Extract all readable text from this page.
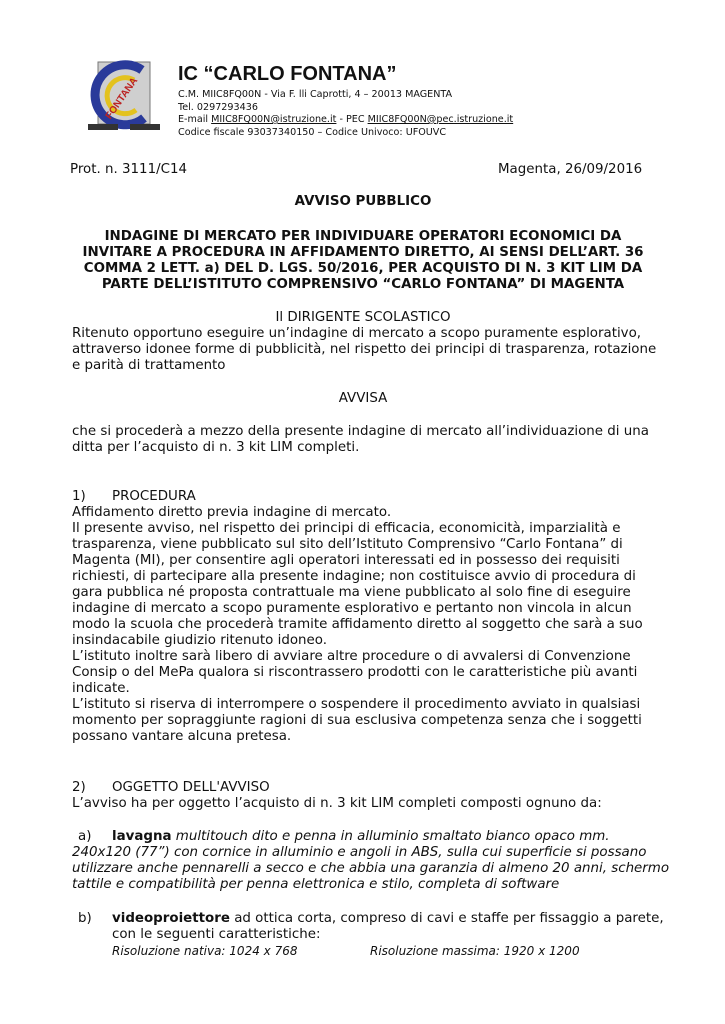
FONTANA
IC “CARLO FONTANA”
C.M. MIIC8FQ00N - Via F. lli Caprotti, 4 – 20013 MAGENTA
Tel. 0297293436
E-mail MIIC8FQ00N@istruzione.it - PEC MIIC8FQ00N@pec.istruzione.it
Codice fiscale 93037340150 – Codice Univoco: UFOUVC
Prot. n. 3111/C14	Magenta, 26/09/2016
AVVISO PUBBLICO
INDAGINE DI MERCATO PER INDIVIDUARE OPERATORI ECONOMICI DA
INVITARE A PROCEDURA IN AFFIDAMENTO DIRETTO, AI SENSI DELL’ART. 36
COMMA 2 LETT. a) DEL D. LGS. 50/2016, PER ACQUISTO DI N. 3 KIT LIM DA
PARTE DELL’ISTITUTO COMPRENSIVO “CARLO FONTANA” DI MAGENTA
Il DIRIGENTE SCOLASTICO
Ritenuto opportuno eseguire un’indagine di mercato a scopo puramente esplorativo,
attraverso idonee forme di pubblicità, nel rispetto dei principi di trasparenza, rotazione
e parità di trattamento
AVVISA
che si procederà a mezzo della presente indagine di mercato all’individuazione di una
ditta per l’acquisto di n. 3 kit LIM completi.
1) PROCEDURA
Affidamento diretto previa indagine di mercato.
Il presente avviso, nel rispetto dei principi di efficacia, economicità, imparzialità e
trasparenza, viene pubblicato sul sito dell’Istituto Comprensivo “Carlo Fontana” di
Magenta (MI), per consentire agli operatori interessati ed in possesso dei requisiti
richiesti, di partecipare alla presente indagine; non costituisce avvio di procedura di
gara pubblica né proposta contrattuale ma viene pubblicato al solo fine di eseguire
indagine di mercato a scopo puramente esplorativo e pertanto non vincola in alcun
modo la scuola che procederà tramite affidamento diretto al soggetto che sarà a suo
insindacabile giudizio ritenuto idoneo.
L’istituto inoltre sarà libero di avviare altre procedure o di avvalersi di Convenzione
Consip o del MePa qualora si riscontrassero prodotti con le caratteristiche più avanti
indicate.
L’istituto si riserva di interrompere o sospendere il procedimento avviato in qualsiasi
momento per sopraggiunte ragioni di sua esclusiva competenza senza che i soggetti
possano vantare alcuna pretesa.
2) OGGETTO DELL'AVVISO
L’avviso ha per oggetto l’acquisto di n. 3 kit LIM completi composti ognuno da:
a) lavagna multitouch dito e penna in alluminio smaltato bianco opaco mm.
240x120 (77”) con cornice in alluminio e angoli in ABS, sulla cui superficie si possano
utilizzare anche pennarelli a secco e che abbia una garanzia di almeno 20 anni, schermo
tattile e compatibilità per penna elettronica e stilo, completa di software
b) videoproiettore ad ottica corta, compreso di cavi e staffe per fissaggio a parete,
con le seguenti caratteristiche:
Risoluzione nativa: 1024 x 768	Risoluzione massima: 1920 x 1200
